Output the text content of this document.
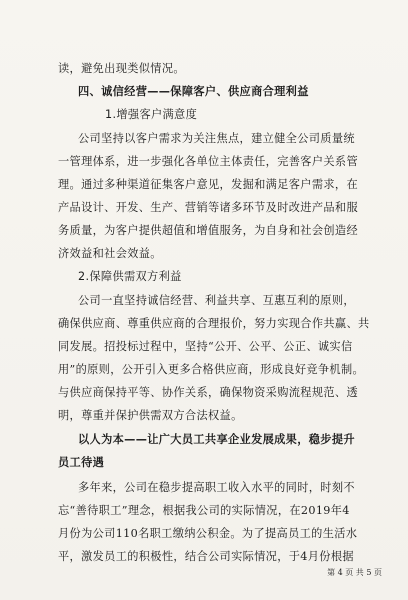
读，避免出现类似情况。
四、诚信经营——保障客户、供应商合理利益
1.增强客户满意度
公司坚持以客户需求为关注焦点，建立健全公司质量统
一管理体系，进一步强化各单位主体责任，完善客户关系管
理。通过多种渠道征集客户意见，发掘和满足客户需求，在
产品设计、开发、生产、营销等诸多环节及时改进产品和服
务质量，为客户提供超值和增值服务，为自身和社会创造经
济效益和社会效益。
2.保障供需双方利益
公司一直坚持诚信经营、利益共享、互惠互利的原则，
确保供应商、尊重供应商的合理报价，努力实现合作共赢、共
同发展。招投标过程中，坚持“公开、公平、公正、诚实信
用”的原则，公开引入更多合格供应商，形成良好竞争机制。
与供应商保持平等、协作关系，确保物资采购流程规范、透
明，尊重并保护供需双方合法权益。
以人为本——让广大员工共享企业发展成果，稳步提升
员工待遇
多年来，公司在稳步提高职工收入水平的同时，时刻不
忘“善待职工”理念，根据我公司的实际情况，在2019年4
月份为公司110名职工缴纳公积金。为了提高员工的生活水
平，激发员工的积极性，结合公司实际情况，于4月份根据
第 4 页 共 5 页
